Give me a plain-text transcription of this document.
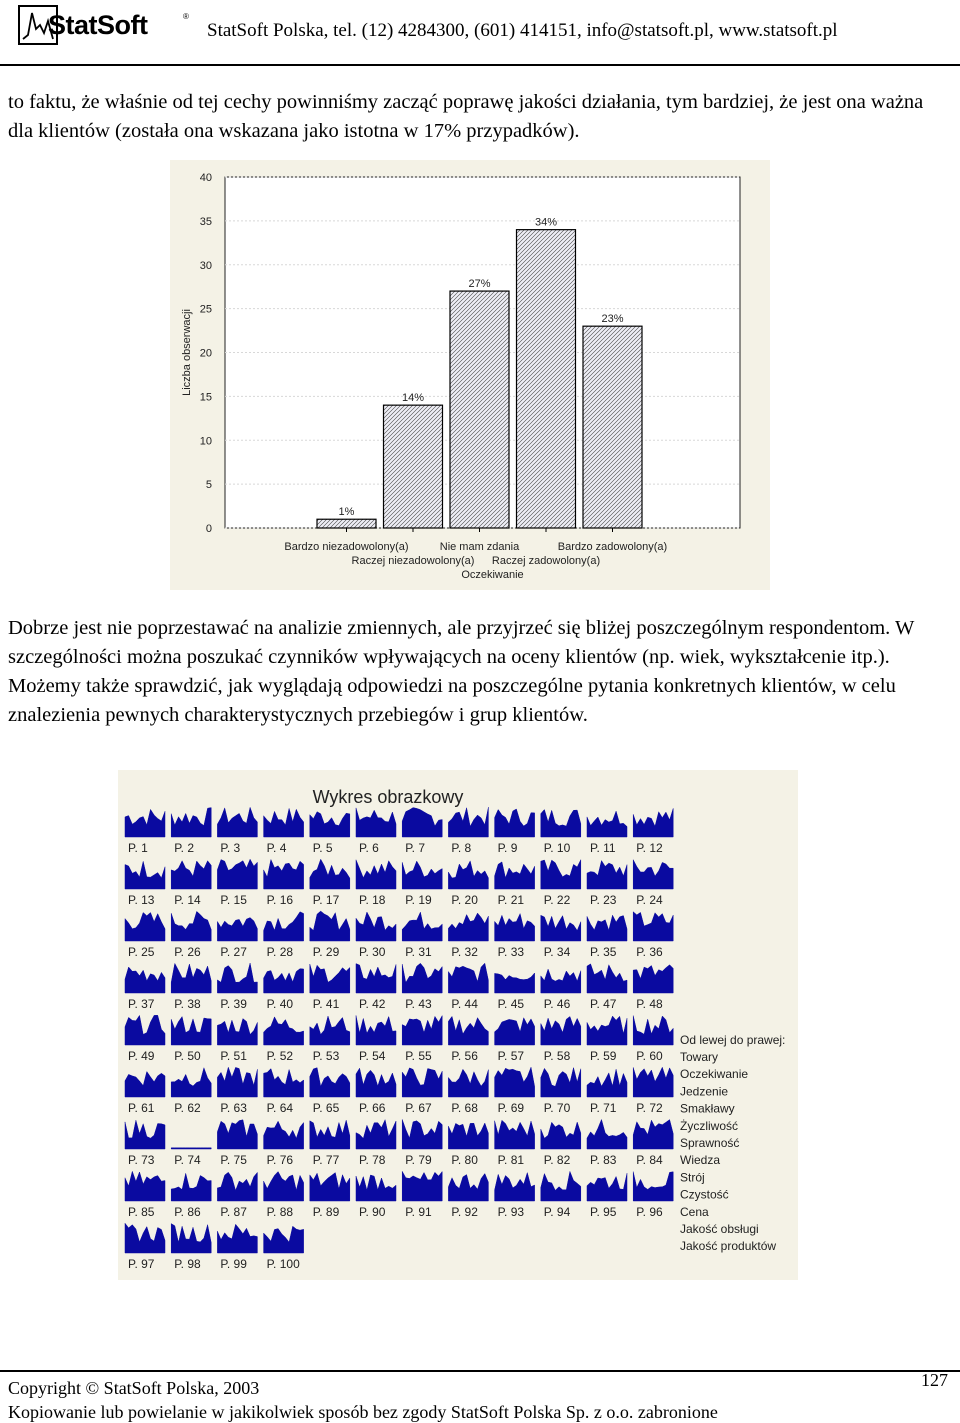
StatSoft	®
StatSoft Polska, tel. (12) 4284300, (601) 414151, info@statsoft.pl, www.statsoft.pl
to faktu, że właśnie od tej cechy powinniśmy zacząć poprawę jakości działania, tym bardziej, że jest ona ważna dla klientów (została ona wskazana jako istotna w 17% przypadków).
0
5
10
15
20
25
30
35
40
Liczba obserwacji
1%
14%
27%
34%
23%
Bardzo niezadowolony(a)
Raczej niezadowolony(a)
Nie mam zdania
Raczej zadowolony(a)
Bardzo zadowolony(a)
Oczekiwanie
Dobrze jest nie poprzestawać na analizie zmiennych, ale przyjrzeć się bliżej poszczególnym respondentom. W szczególności można poszukać czynników wpływających na oceny klientów (np. wiek, wykształcenie itp.). Możemy także sprawdzić, jak wyglądają odpowiedzi na poszczególne pytania konkretnych klientów, w celu znalezienia pewnych charakterystycznych przebiegów i grup klientów.
Wykres obrazkowy
P. 1 P. 2 P. 3 P. 4 P. 5 P. 6 P. 7 P. 8 P. 9 P. 10 P. 11 P. 12
P. 13 P. 14 P. 15 P. 16 P. 17 P. 18 P. 19 P. 20 P. 21 P. 22 P. 23 P. 24
P. 25 P. 26 P. 27 P. 28 P. 29 P. 30 P. 31 P. 32 P. 33 P. 34 P. 35 P. 36
P. 37 P. 38 P. 39 P. 40 P. 41 P. 42 P. 43 P. 44 P. 45 P. 46 P. 47 P. 48
P. 49 P. 50 P. 51 P. 52 P. 53 P. 54 P. 55 P. 56 P. 57 P. 58 P. 59 P. 60
P. 61 P. 62 P. 63 P. 64 P. 65 P. 66 P. 67 P. 68 P. 69 P. 70 P. 71 P. 72
P. 73 P. 74 P. 75 P. 76 P. 77 P. 78 P. 79 P. 80 P. 81 P. 82 P. 83 P. 84
P. 85 P. 86 P. 87 P. 88 P. 89 P. 90 P. 91 P. 92 P. 93 P. 94 P. 95 P. 96
P. 97 P. 98 P. 99 P. 100
Od lewej do prawej:
Towary
Oczekiwanie
Jedzenie
Smakławy
Życzliwość
Sprawność
Wiedza
Strój
Czystość
Cena
Jakość obsługi
Jakość produktów
Copyright © StatSoft Polska, 2003	127
Kopiowanie lub powielanie w jakikolwiek sposób bez zgody StatSoft Polska Sp. z o.o. zabronione
